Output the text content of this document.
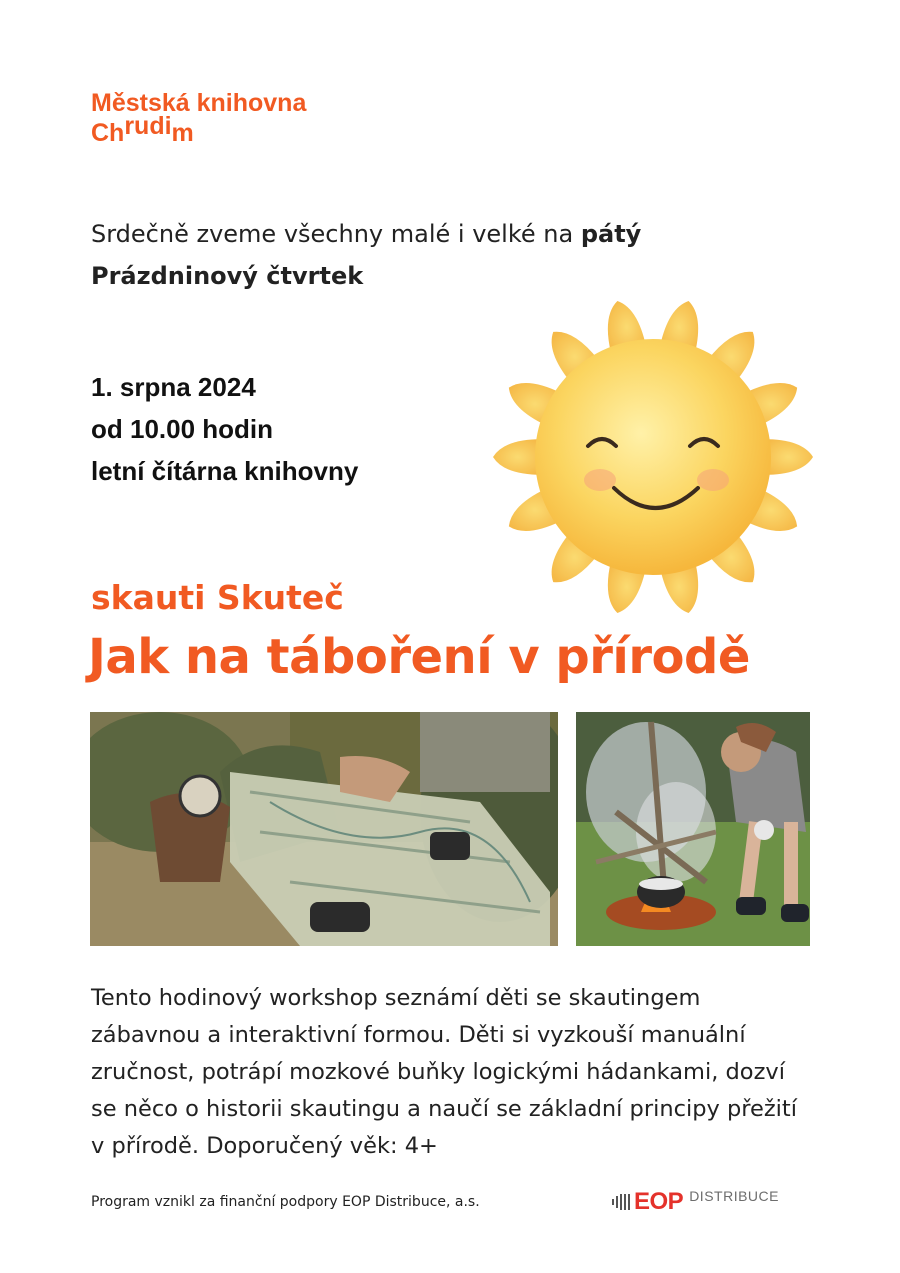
Městská knihovna
Chrudim
Srdečně zveme všechny malé i velké na pátý
Prázdninový čtvrtek
1. srpna 2024
od 10.00 hodin
letní čítárna knihovny
skauti Skuteč
Jak na táboření v přírodě
Tento hodinový workshop seznámí děti se skautingem zábavnou a interaktivní formou. Děti si vyzkouší manuální zručnost, potrápí mozkové buňky logickými hádankami, dozví se něco o historii skautingu a naučí se základní principy přežití v přírodě. Doporučený věk: 4+
Program vznikl za finanční podpory EOP Distribuce, a.s.	EOP DISTRIBUCE
